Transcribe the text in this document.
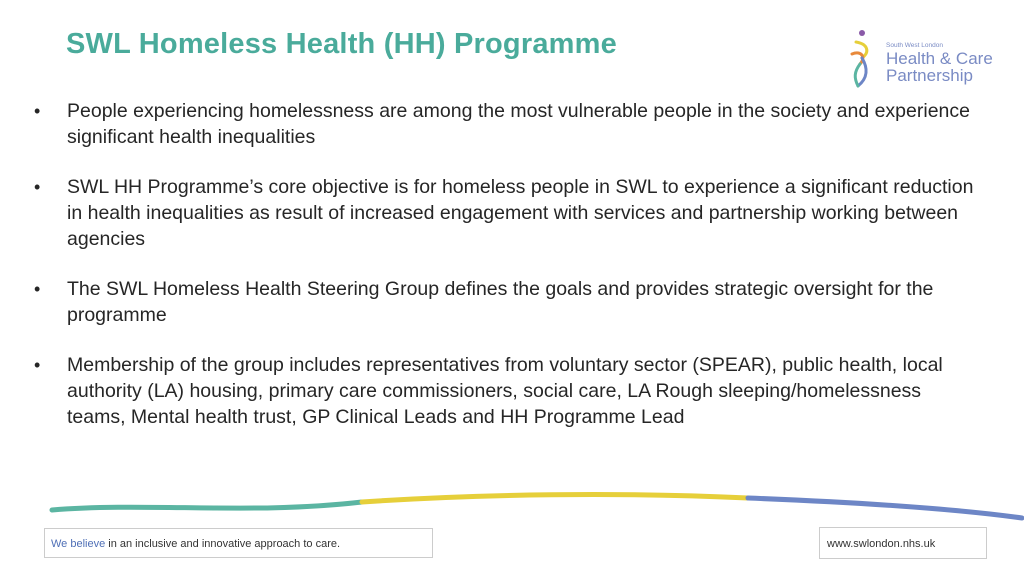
SWL Homeless Health (HH) Programme	South West London
Health & Care
Partnership
• People experiencing homelessness are among the most vulnerable people in the society and experience significant health inequalities
• SWL HH Programme’s core objective is for homeless people in SWL to experience a significant reduction in health inequalities as result of increased engagement with services and partnership working between agencies
• The SWL Homeless Health Steering Group defines the goals and provides strategic oversight for the programme
• Membership of the group includes representatives from voluntary sector (SPEAR), public health, local authority (LA) housing, primary care commissioners, social care, LA Rough sleeping/homelessness teams, Mental health trust, GP Clinical Leads and HH Programme Lead
We believe in an inclusive and innovative approach to care.	www.swlondon.nhs.uk
